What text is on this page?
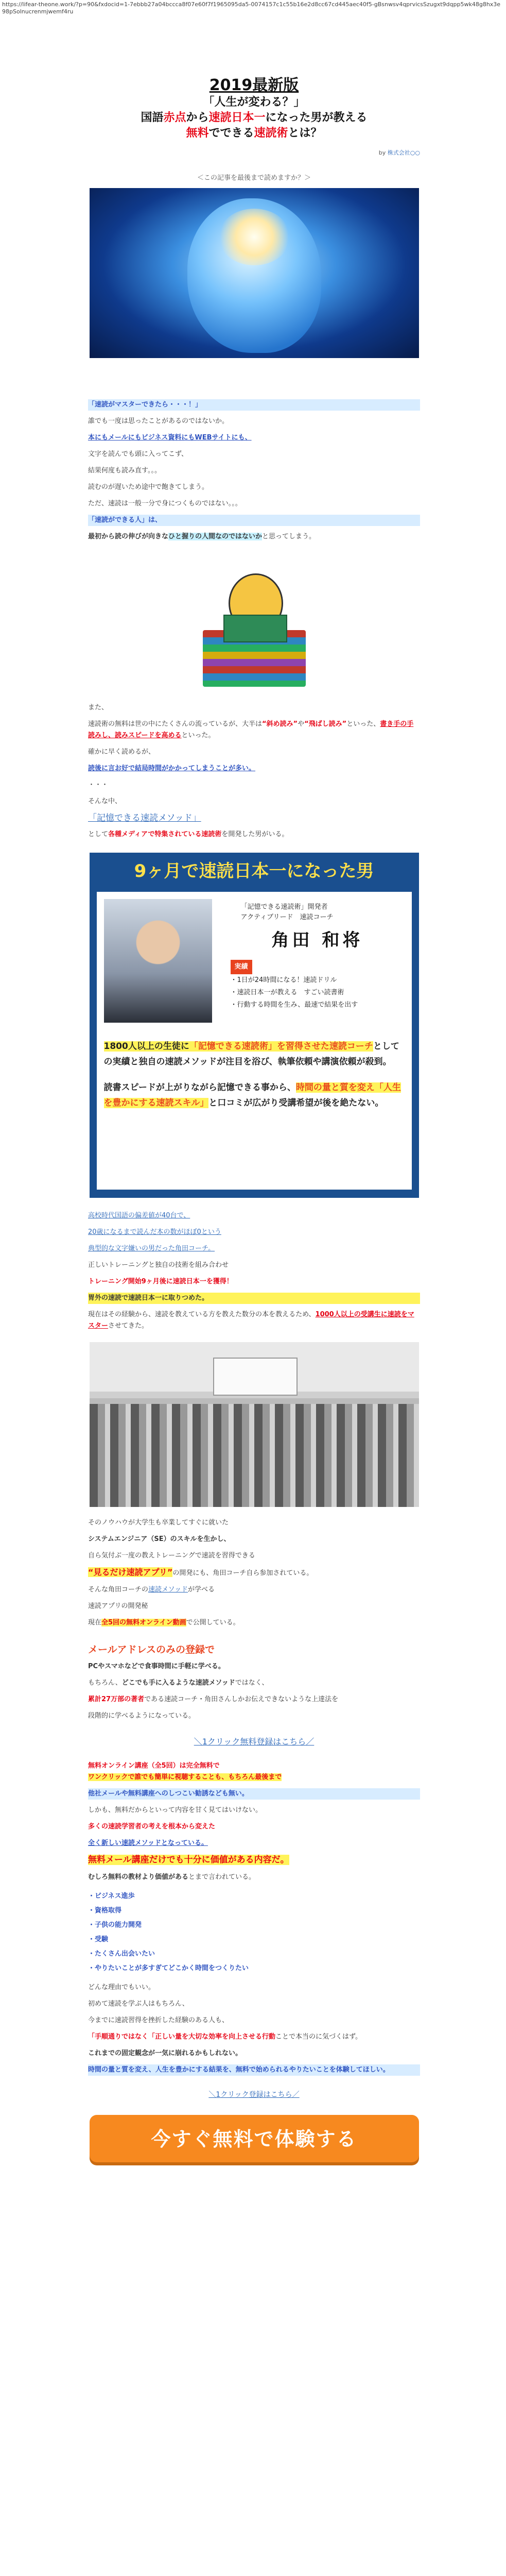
https://lifear-theone.work/?p=90&fxdocid=1-7ebbb27a04bccca8f07e60f7f1965095da5-0074157c1c55b16e2d8cc67cd445aec40f5-gBsnwsv4qprvicsSzugxt9dqpp5wk48g8hx3e98pSolnucrenmjwemf4ru
2019最新版
「人生が変わる？」
国語赤点から速読日本一になった男が教える
無料でできる速読術とは？
by 株式会社○○
＜この記事を最後まで読めますか？＞

「速読がマスターできたら・・・！」

誰でも一度は思ったことがあるのではないか。

本にもメールにもビジネス資料にもWEBサイトにも、

文字を読んでも頭に入ってこず、

結果何度も読み直す。。。

読むのが遅いため途中で飽きてしまう。

ただ、速読は一般一分で身につくものではない。。。

「速読ができる人」は、

最初から読の伸びが向きなひと握りの人間なのではないかと思ってしまう。

また、

速読術の無料は世の中にたくさんの流っているが、大半は“斜め読み”や“飛ばし読み”といった、書き手の手読みし、読みスピードを高めるといった。

確かに早く読めるが、

読後に言お好で結局時間がかかってしまうことが多い。

・・・

そんな中、

「記憶できる速読メソッド」

として各種メディアで特集されている速読術を開発した男がいる。

9ヶ月で速読日本一になった男
「記憶できる速読術」開発者
アクティブリード　速読コーチ
角田 和将
実績
・1日が24時間になる！速読ドリル
・速読日本一が教える　すごい読書術
・行動する時間を生み、最速で結果を出す
1800人以上の生徒に「記憶できる速読術」を習得させた速読コーチとしての実績と独自の速読メソッドが注目を浴び、執筆依頼や講演依頼が殺到。
読書スピードが上がりながら記憶できる事から、時間の量と質を変え「人生を豊かにする速読スキル」と口コミが広がり受講希望が後を絶たない。

高校時代国語の偏差値が40台で、

20歳になるまで読んだ本の数がほぼ0という

典型的な文字嫌いの男だった角田コーチ。

正しいトレーニングと独自の技術を組み合わせ

トレーニング開始9ヶ月後に速読日本一を獲得！

胃外の速読で速読日本一に取りつめた。

現在はその経験から、速読を教えている方を教えた数分の本を教えるため、1000人以上の受講生に速読をマスターさせてきた。

そのノウハウが大学生も卒業してすぐに就いた

システムエンジニア（SE）のスキルを生かし、

自ら気付ぶ一度の教えトレーニングで速読を習得できる

“見るだけ速読アプリ”の開発にも、角田コーチ自ら参加されている。

そんな角田コーチの速読メソッドが学べる

速読アプリの開発秘

現在全5回の無料オンライン動画で公開している。

メールアドレスのみの登録で

PCやスマホなどで食事時間に手軽に学べる。

もちろん、どこでも手に入るような速読メソッドではなく、

累計27万部の著者である速読コーチ・角田さんしかお伝えできないような上達法を

段階的に学べるようになっている。

＼1クリック無料登録はこちら／

無料オンライン講座（全5回）は完全無料で
ワンクリックで誰でも簡単に視聴することも、もちろん最後まで

他社メールや無料講座へのしつこい勧誘なども無い。

しかも、無料だからといって内容を甘く見てはいけない。

多くの速読学習者の考えを根本から変えた

全く新しい速読メソッドとなっている。

無料メール講座だけでも十分に価値がある内容だ。

むしろ無料の教材より価値があるとまで言われている。

・ビジネス進歩
・資格取得
・子供の能力開発
・受験
・たくさん出会いたい
・やりたいことが多すぎてどこかく時間をつくりたい

どんな理由でもいい。

初めて速読を学ぶ人はもちろん、

今までに速読習得を挫折した経験のある人も、

「手順通りではなく「正しい量を大切な効率を向上させる行動ことで本当のに気づくはず。

これまでの固定観念が一気に崩れるかもしれない。

時間の量と質を変え、人生を豊かにする結果を、無料で始められるやりたいことを体験してほしい。

＼1クリック登録はこちら／
今すぐ無料で体験する
